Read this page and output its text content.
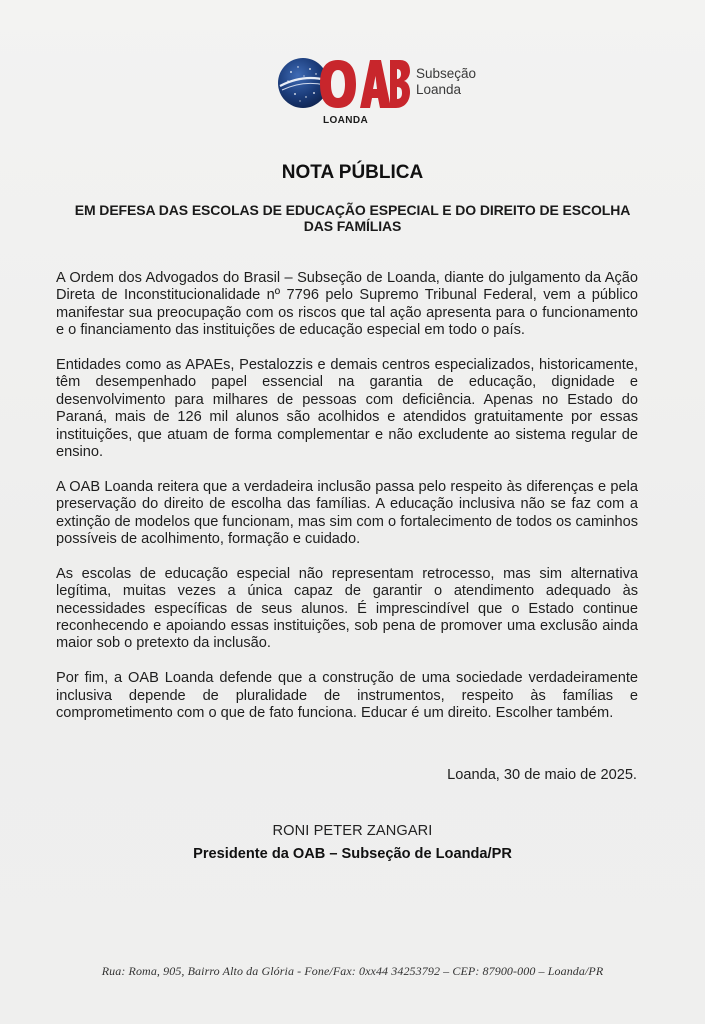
LOANDA
Subseção
Loanda
NOTA PÚBLICA
EM DEFESA DAS ESCOLAS DE EDUCAÇÃO ESPECIAL E DO DIREITO DE ESCOLHA DAS FAMÍLIAS

A Ordem dos Advogados do Brasil – Subseção de Loanda, diante do julgamento da Ação Direta de Inconstitucionalidade nº 7796 pelo Supremo Tribunal Federal, vem a público manifestar sua preocupação com os riscos que tal ação apresenta para o funcionamento e o financiamento das instituições de educação especial em todo o país.

Entidades como as APAEs, Pestalozzis e demais centros especializados, historicamente, têm desempenhado papel essencial na garantia de educação, dignidade e desenvolvimento para milhares de pessoas com deficiência. Apenas no Estado do Paraná, mais de 126 mil alunos são acolhidos e atendidos gratuitamente por essas instituições, que atuam de forma complementar e não excludente ao sistema regular de ensino.

A OAB Loanda reitera que a verdadeira inclusão passa pelo respeito às diferenças e pela preservação do direito de escolha das famílias. A educação inclusiva não se faz com a extinção de modelos que funcionam, mas sim com o fortalecimento de todos os caminhos possíveis de acolhimento, formação e cuidado.

As escolas de educação especial não representam retrocesso, mas sim alternativa legítima, muitas vezes a única capaz de garantir o atendimento adequado às necessidades específicas de seus alunos. É imprescindível que o Estado continue reconhecendo e apoiando essas instituições, sob pena de promover uma exclusão ainda maior sob o pretexto da inclusão.

Por fim, a OAB Loanda defende que a construção de uma sociedade verdadeiramente inclusiva depende de pluralidade de instrumentos, respeito às famílias e comprometimento com o que de fato funciona. Educar é um direito. Escolher também.

Loanda, 30 de maio de 2025.
RONI PETER ZANGARI
Presidente da OAB – Subseção de Loanda/PR
Rua: Roma, 905, Bairro Alto da Glória - Fone/Fax: 0xx44 34253792 – CEP: 87900-000 – Loanda/PR
